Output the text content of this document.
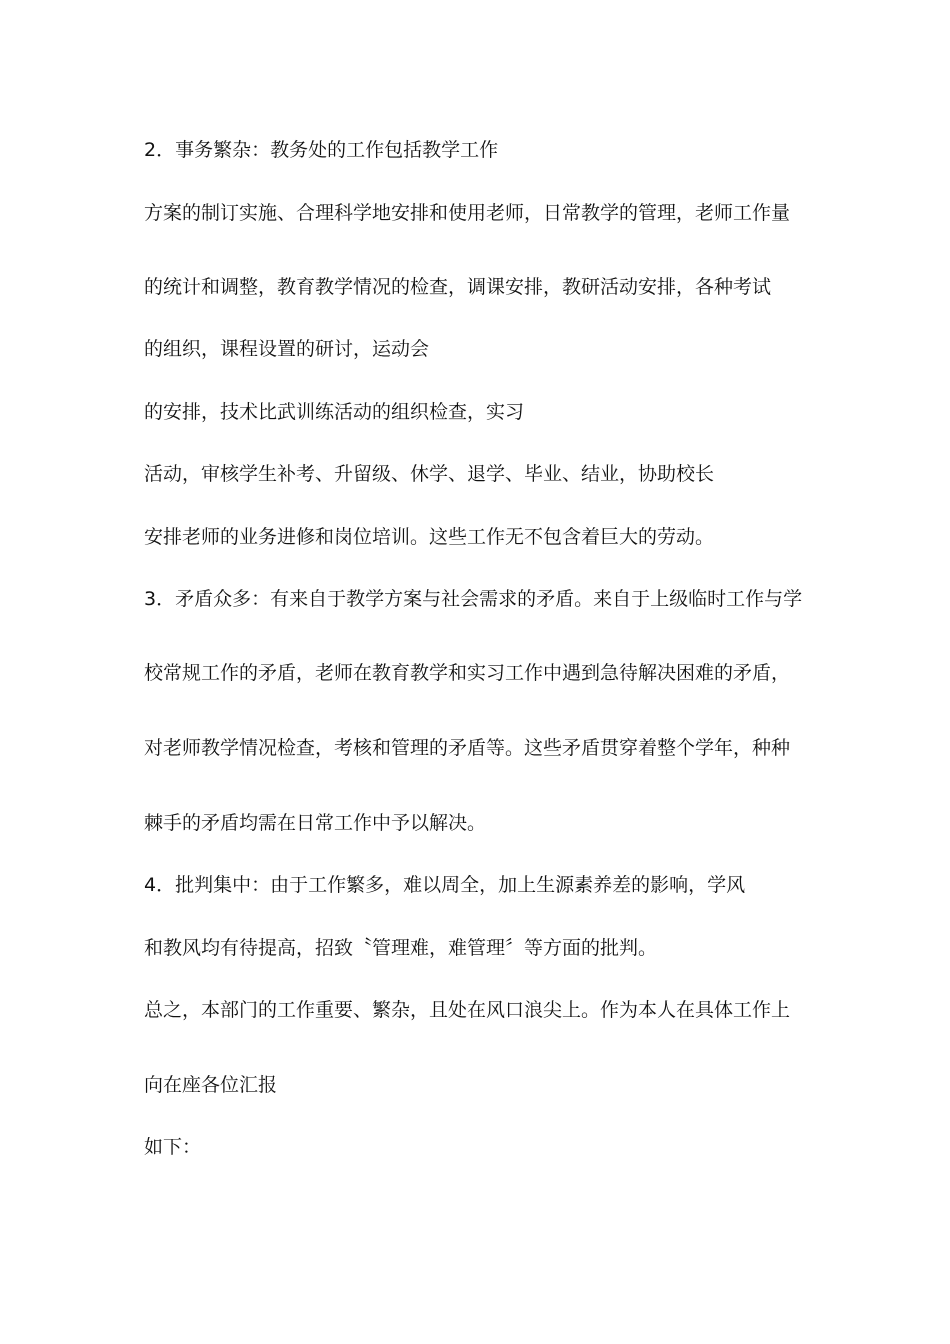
2．事务繁杂：教务处的工作包括教学工作
方案的制订实施、合理科学地安排和使用老师，日常教学的管理，老师工作量
的统计和调整，教育教学情况的检查，调课安排，教研活动安排，各种考试
的组织，课程设置的研讨，运动会
的安排，技术比武训练活动的组织检查，实习
活动，审核学生补考、升留级、休学、退学、毕业、结业，协助校长
安排老师的业务进修和岗位培训。这些工作无不包含着巨大的劳动。
3．矛盾众多：有来自于教学方案与社会需求的矛盾。来自于上级临时工作与学
校常规工作的矛盾，老师在教育教学和实习工作中遇到急待解决困难的矛盾，
对老师教学情况检查，考核和管理的矛盾等。这些矛盾贯穿着整个学年，种种
棘手的矛盾均需在日常工作中予以解决。
4．批判集中：由于工作繁多，难以周全，加上生源素养差的影响，学风
和教风均有待提高，招致〝管理难，难管理〞等方面的批判。
总之，本部门的工作重要、繁杂，且处在风口浪尖上。作为本人在具体工作上
向在座各位汇报
如下：
